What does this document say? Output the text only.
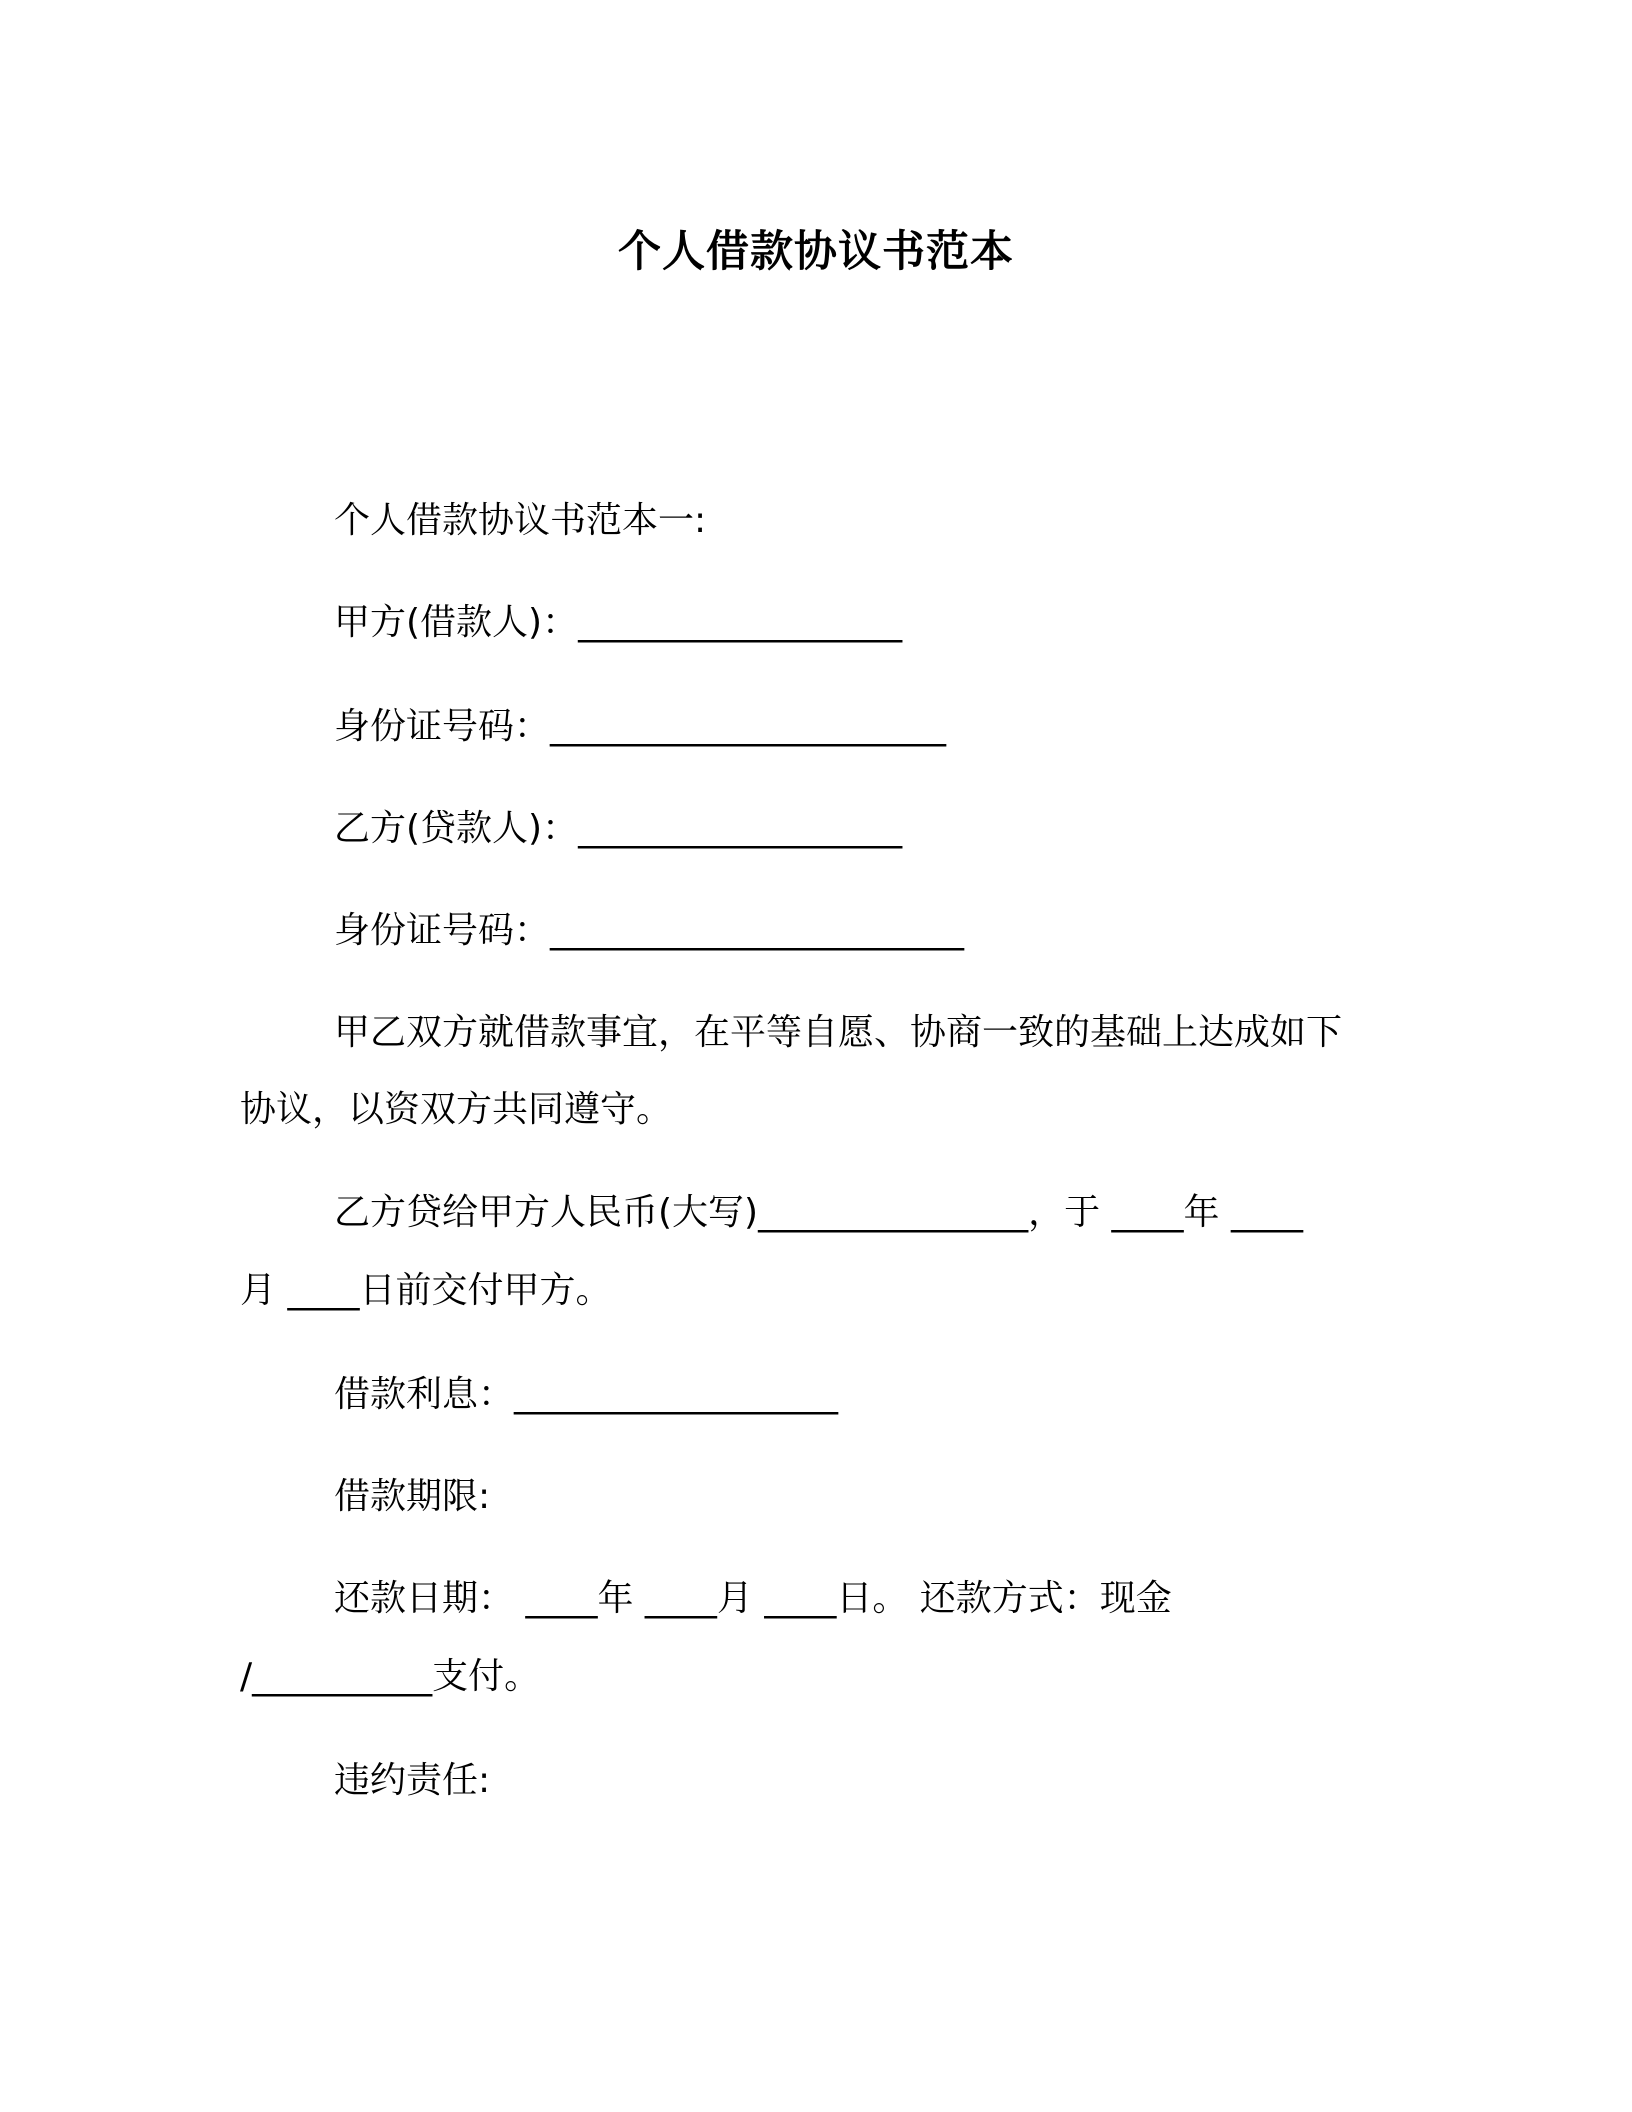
个人借款协议书范本
个人借款协议书范本一:
甲方(借款人)：__________________
身份证号码：______________________
乙方(贷款人)：__________________
身份证号码：_______________________
甲乙双方就借款事宜，在平等自愿、协商一致的基础上达成如下
协议，以资双方共同遵守。
乙方贷给甲方人民币(大写)_______________，于 ____年 ____
月 ____日前交付甲方。
借款利息：__________________
借款期限:
还款日期： ____年 ____月 ____日。 还款方式：现金
/__________支付。
违约责任:
